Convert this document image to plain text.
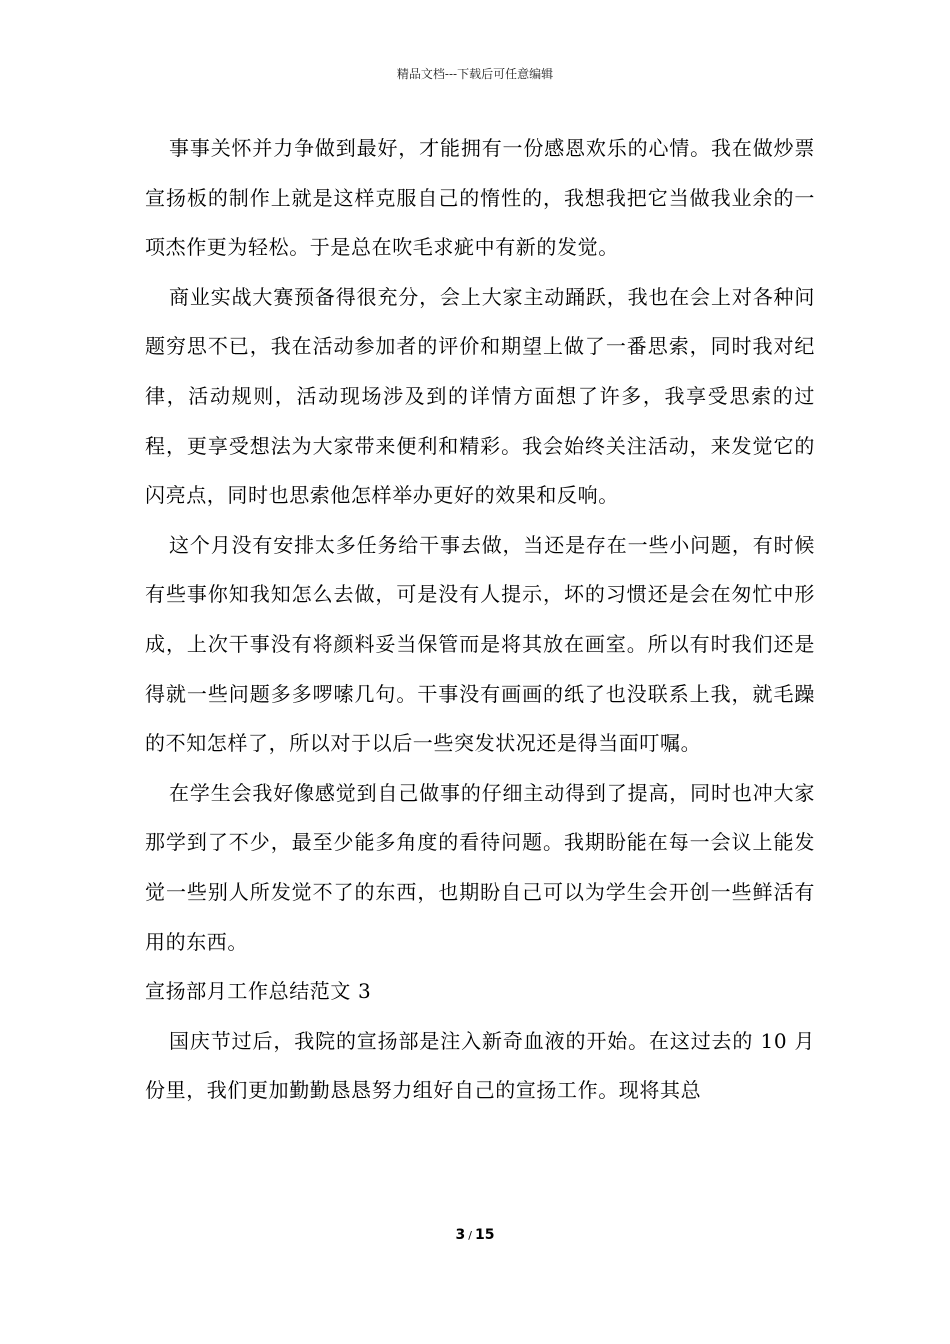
精品文档---下载后可任意编辑

事事关怀并力争做到最好，才能拥有一份感恩欢乐的心情。我在做炒票宣扬板的制作上就是这样克服自己的惰性的，我想我把它当做我业余的一项杰作更为轻松。于是总在吹毛求疵中有新的发觉。

商业实战大赛预备得很充分，会上大家主动踊跃，我也在会上对各种问题穷思不已，我在活动参加者的评价和期望上做了一番思索，同时我对纪律，活动规则，活动现场涉及到的详情方面想了许多，我享受思索的过程，更享受想法为大家带来便利和精彩。我会始终关注活动，来发觉它的闪亮点，同时也思索他怎样举办更好的效果和反响。

这个月没有安排太多任务给干事去做，当还是存在一些小问题，有时候有些事你知我知怎么去做，可是没有人提示，坏的习惯还是会在匆忙中形成，上次干事没有将颜料妥当保管而是将其放在画室。所以有时我们还是得就一些问题多多啰嗦几句。干事没有画画的纸了也没联系上我，就毛躁的不知怎样了，所以对于以后一些突发状况还是得当面叮嘱。

在学生会我好像感觉到自己做事的仔细主动得到了提高，同时也冲大家那学到了不少，最至少能多角度的看待问题。我期盼能在每一会议上能发觉一些别人所发觉不了的东西，也期盼自己可以为学生会开创一些鲜活有用的东西。

宣扬部月工作总结范文 3

国庆节过后，我院的宣扬部是注入新奇血液的开始。在这过去的 10 月份里，我们更加勤勤恳恳努力组好自己的宣扬工作。现将其总

3 / 15
